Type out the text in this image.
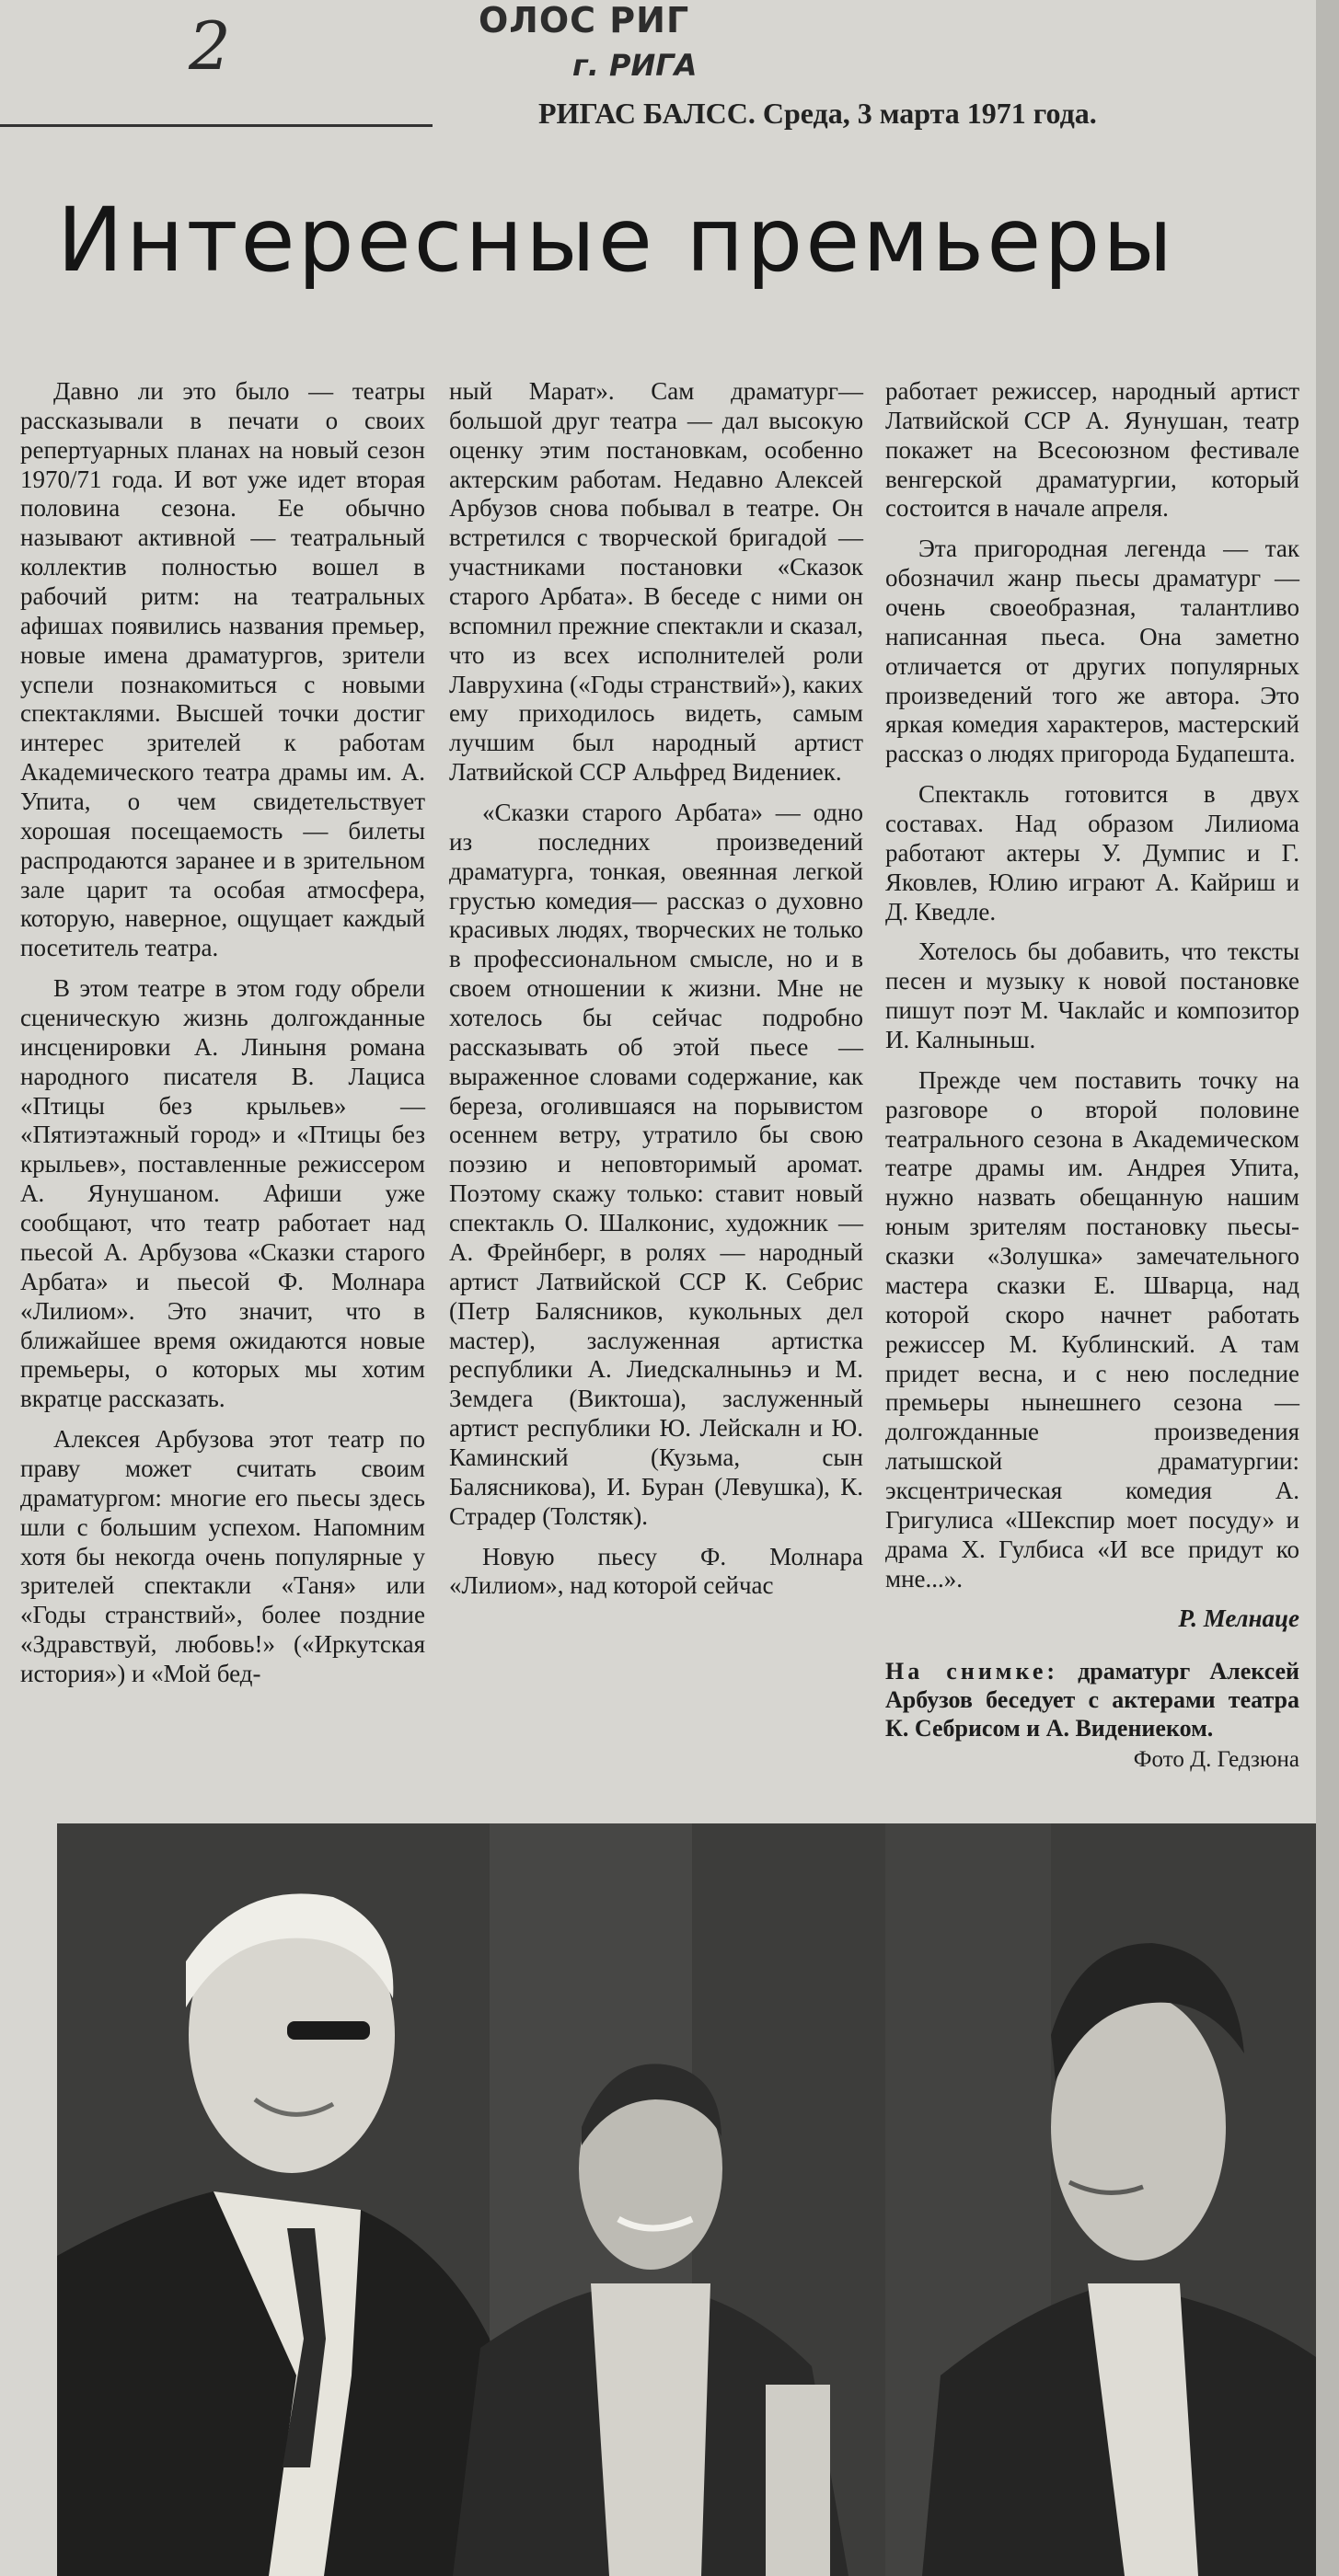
2	ОЛОС РИГ
г. РИГА
РИГАС БАЛСС. Среда, 3 марта 1971 года.
Интересные премьеры

Давно ли это было — театры рассказывали в печати о своих репертуарных планах на новый сезон 1970/71 года. И вот уже идет вторая половина сезона. Ее обычно называют активной — театральный коллектив полностью вошел в рабочий ритм: на театральных афишах появились названия премьер, новые имена драматургов, зрители успели познакомиться с новыми спектаклями. Высшей точки достиг интерес зрителей к работам Академического театра драмы им. А. Упита, о чем свидетельствует хорошая посещаемость — билеты распродаются заранее и в зрительном зале царит та особая атмосфера, которую, наверное, ощущает каждый посетитель театра.

В этом театре в этом году обрели сценическую жизнь долгожданные инсценировки А. Линыня романа народного писателя В. Лациса «Птицы без крыльев» — «Пятиэтажный город» и «Птицы без крыльев», поставленные режиссером А. Яунушаном. Афиши уже сообщают, что театр работает над пьесой А. Арбузова «Сказки старого Арбата» и пьесой Ф. Молнара «Лилиом». Это значит, что в ближайшее время ожидаются новые премьеры, о которых мы хотим вкратце рассказать.

Алексея Арбузова этот театр по праву может считать своим драматургом: многие его пьесы здесь шли с большим успехом. Напомним хотя бы некогда очень популярные у зрителей спектакли «Таня» или «Годы странствий», более поздние «Здравствуй, любовь!» («Иркутская история») и «Мой бед-

ный Марат». Сам драматург— большой друг театра — дал высокую оценку этим постановкам, особенно актерским работам. Недавно Алексей Арбузов снова побывал в театре. Он встретился с творческой бригадой — участниками постановки «Сказок старого Арбата». В беседе с ними он вспомнил прежние спектакли и сказал, что из всех исполнителей роли Лаврухина («Годы странствий»), каких ему приходилось видеть, самым лучшим был народный артист Латвийской ССР Альфред Видениек.

«Сказки старого Арбата» — одно из последних произведений драматурга, тонкая, овеянная легкой грустью комедия— рассказ о духовно красивых людях, творческих не только в профессиональном смысле, но и в своем отношении к жизни. Мне не хотелось бы сейчас подробно рассказывать об этой пьесе — выраженное словами содержание, как береза, оголившаяся на порывистом осеннем ветру, утратило бы свою поэзию и неповторимый аромат. Поэтому скажу только: ставит новый спектакль О. Шалконис, художник — А. Фрейнберг, в ролях — народный артист Латвийской ССР К. Себрис (Петр Балясников, кукольных дел мастер), заслуженная артистка республики А. Лиедскалныньэ и М. Земдега (Виктоша), заслуженный артист республики Ю. Лейскалн и Ю. Каминский (Кузьма, сын Балясникова), И. Буран (Левушка), К. Страдер (Толстяк).

Новую пьесу Ф. Молнара «Лилиом», над которой сейчас

работает режиссер, народный артист Латвийской ССР А. Яунушан, театр покажет на Всесоюзном фестивале венгерской драматургии, который состоится в начале апреля.

Эта пригородная легенда — так обозначил жанр пьесы драматург — очень своеобразная, талантливо написанная пьеса. Она заметно отличается от других популярных произведений того же автора. Это яркая комедия характеров, мастерский рассказ о людях пригорода Будапешта.

Спектакль готовится в двух составах. Над образом Лилиома работают актеры У. Думпис и Г. Яковлев, Юлию играют А. Кайриш и Д. Кведле.

Хотелось бы добавить, что тексты песен и музыку к новой постановке пишут поэт М. Чаклайс и композитор И. Калныньш.

Прежде чем поставить точку на разговоре о второй половине театрального сезона в Академическом театре драмы им. Андрея Упита, нужно назвать обещанную нашим юным зрителям постановку пьесы-сказки «Золушка» замечательного мастера сказки Е. Шварца, над которой скоро начнет работать режиссер М. Кублинский. А там придет весна, и с нею последние премьеры нынешнего сезона — долгожданные произведения латышской драматургии: эксцентрическая комедия А. Григулиса «Шекспир моет посуду» и драма Х. Гулбиса «И все придут ко мне...».

Р. Мелнаце
На снимке: драматург Алексей Арбузов беседует с актерами театра К. Себрисом и А. Видениеком.
Фото Д. Гедзюна
